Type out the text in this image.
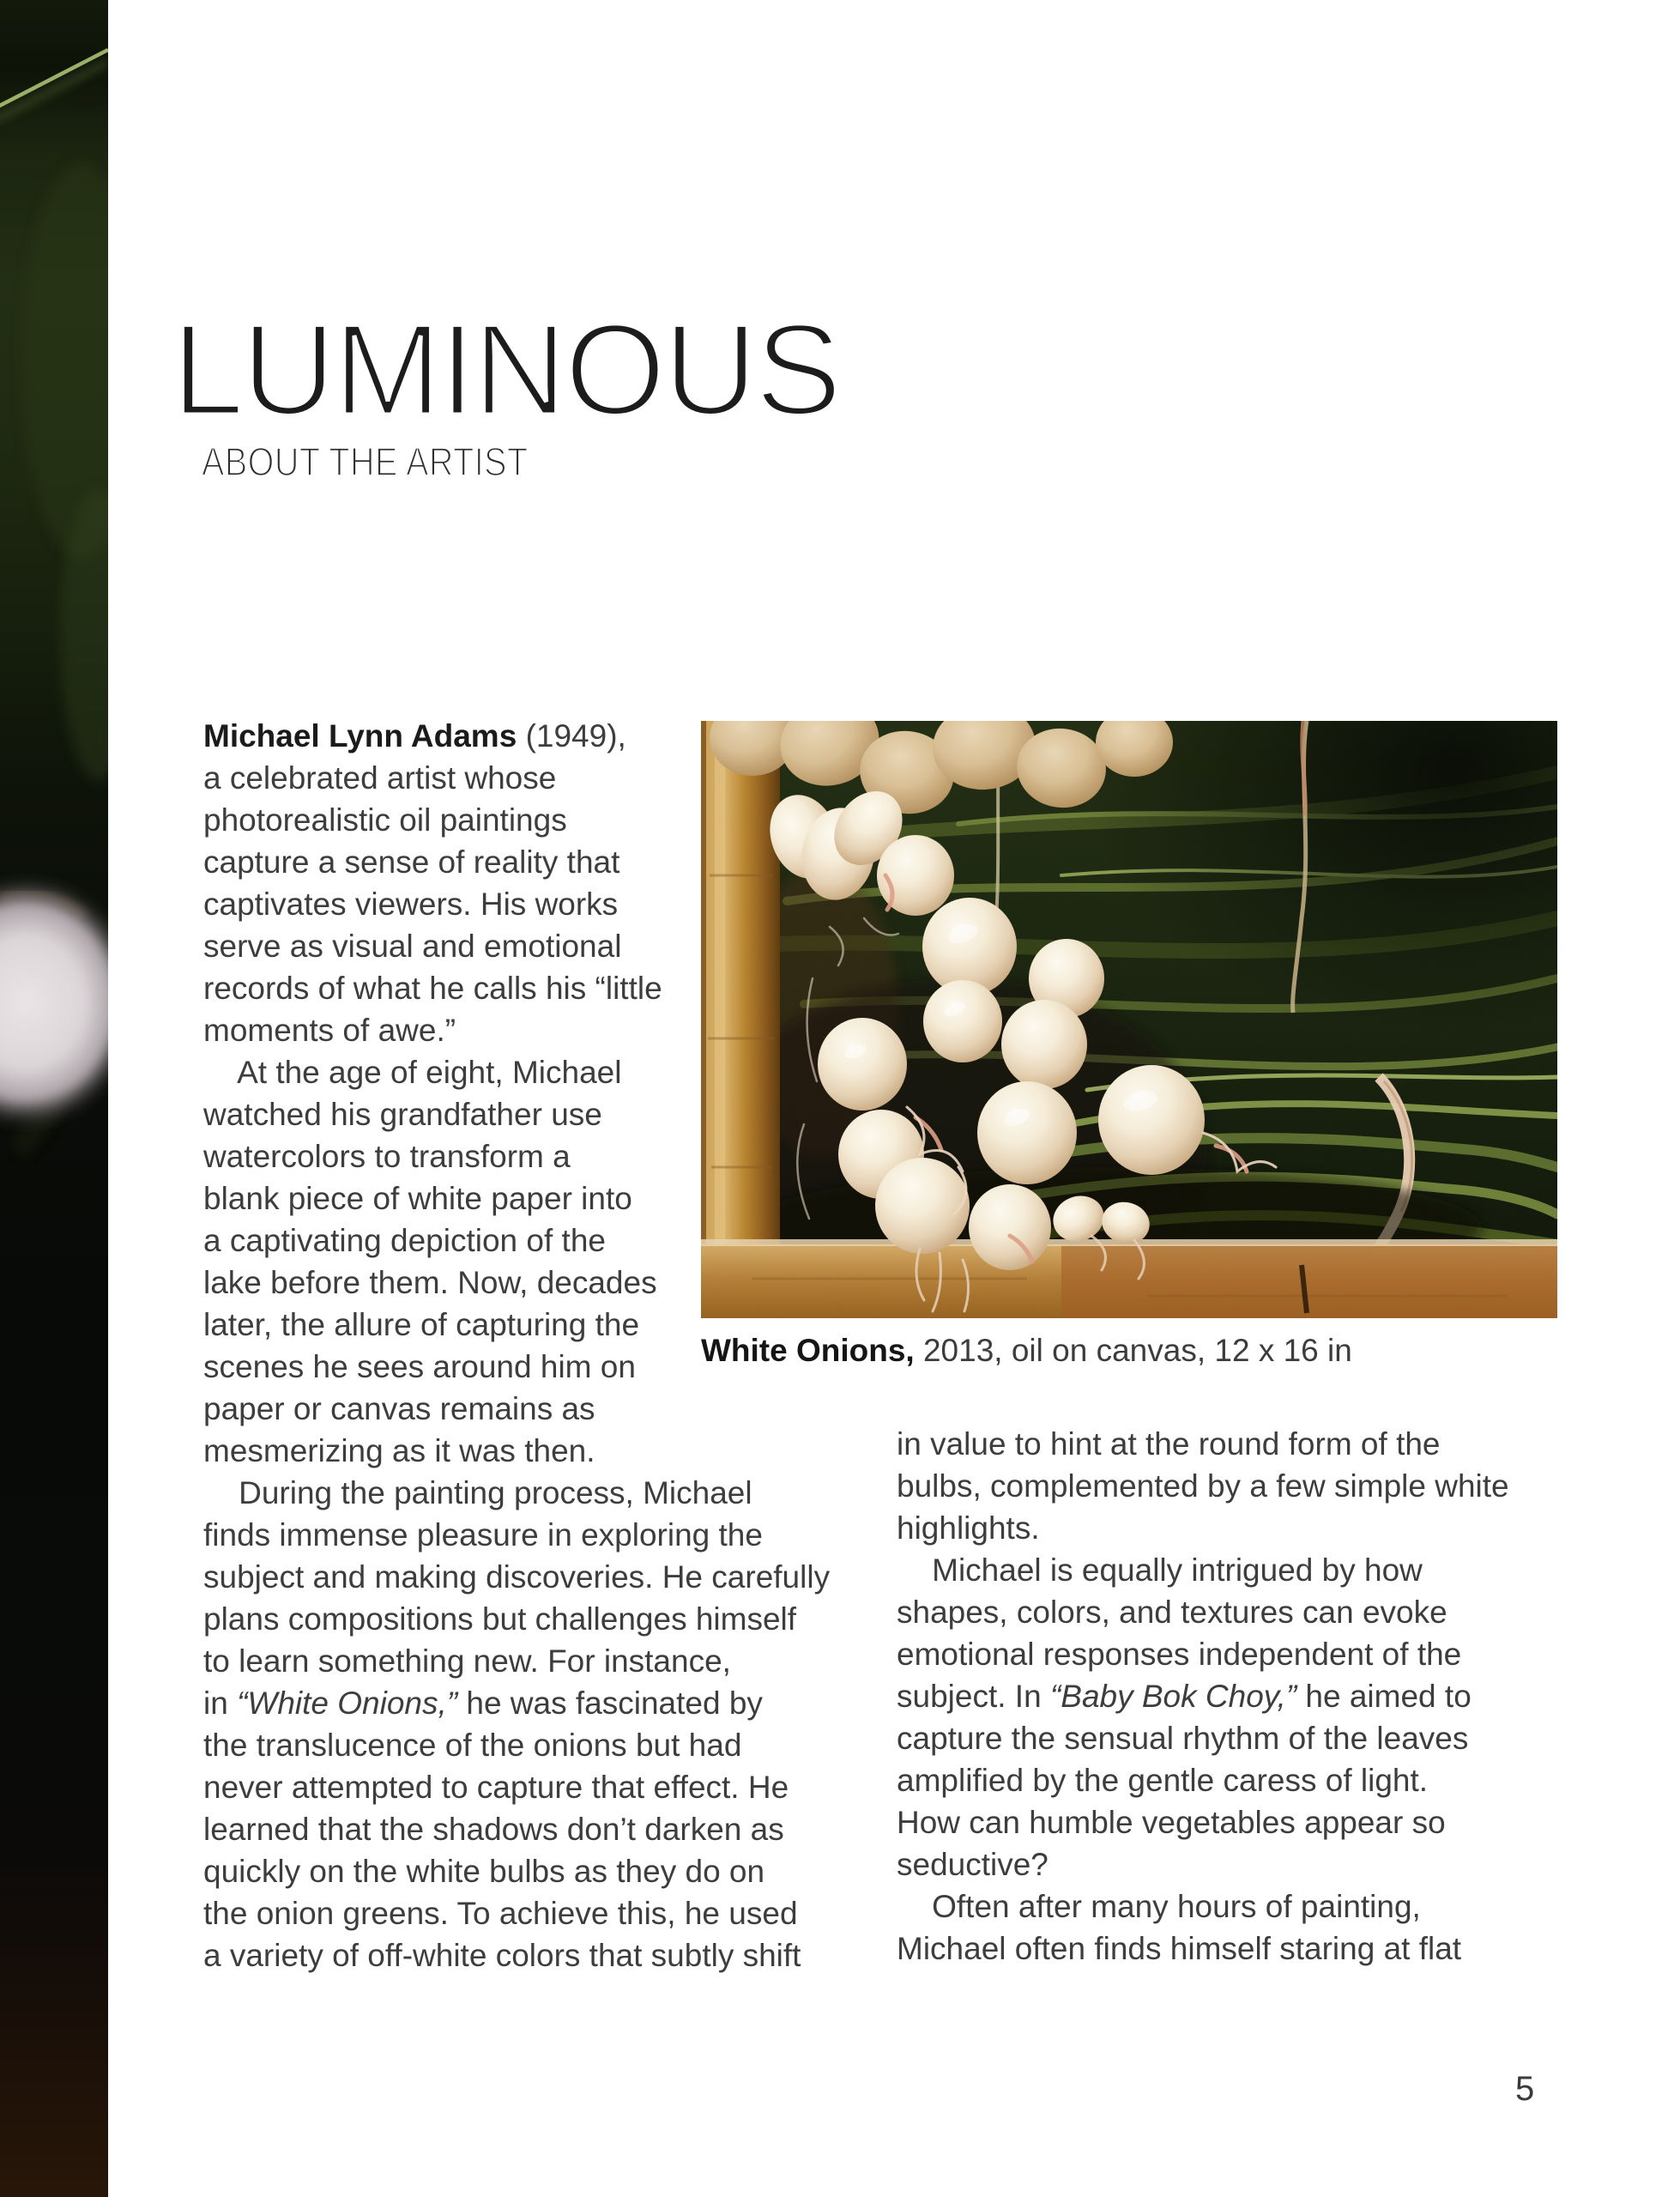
LUMINOUS
ABOUT THE ARTIST
White Onions, 2013, oil on canvas, 12 x 16 in
Michael Lynn Adams (1949),
a celebrated artist whose
photorealistic oil paintings
capture a sense of reality that
captivates viewers. His works
serve as visual and emotional
records of what he calls his “little
moments of awe.”
At the age of eight, Michael
watched his grandfather use
watercolors to transform a
blank piece of white paper into
a captivating depiction of the
lake before them. Now, decades
later, the allure of capturing the
scenes he sees around him on
paper or canvas remains as
mesmerizing as it was then.
During the painting process, Michael
finds immense pleasure in exploring the
subject and making discoveries. He carefully
plans compositions but challenges himself
to learn something new. For instance,
in “White Onions,” he was fascinated by
the translucence of the onions but had
never attempted to capture that effect. He
learned that the shadows don’t darken as
quickly on the white bulbs as they do on
the onion greens. To achieve this, he used
a variety of off-white colors that subtly shift
in value to hint at the round form of the
bulbs, complemented by a few simple white
highlights.
Michael is equally intrigued by how
shapes, colors, and textures can evoke
emotional responses independent of the
subject. In “Baby Bok Choy,” he aimed to
capture the sensual rhythm of the leaves
amplified by the gentle caress of light.
How can humble vegetables appear so
seductive?
Often after many hours of painting,
Michael often finds himself staring at flat
5
